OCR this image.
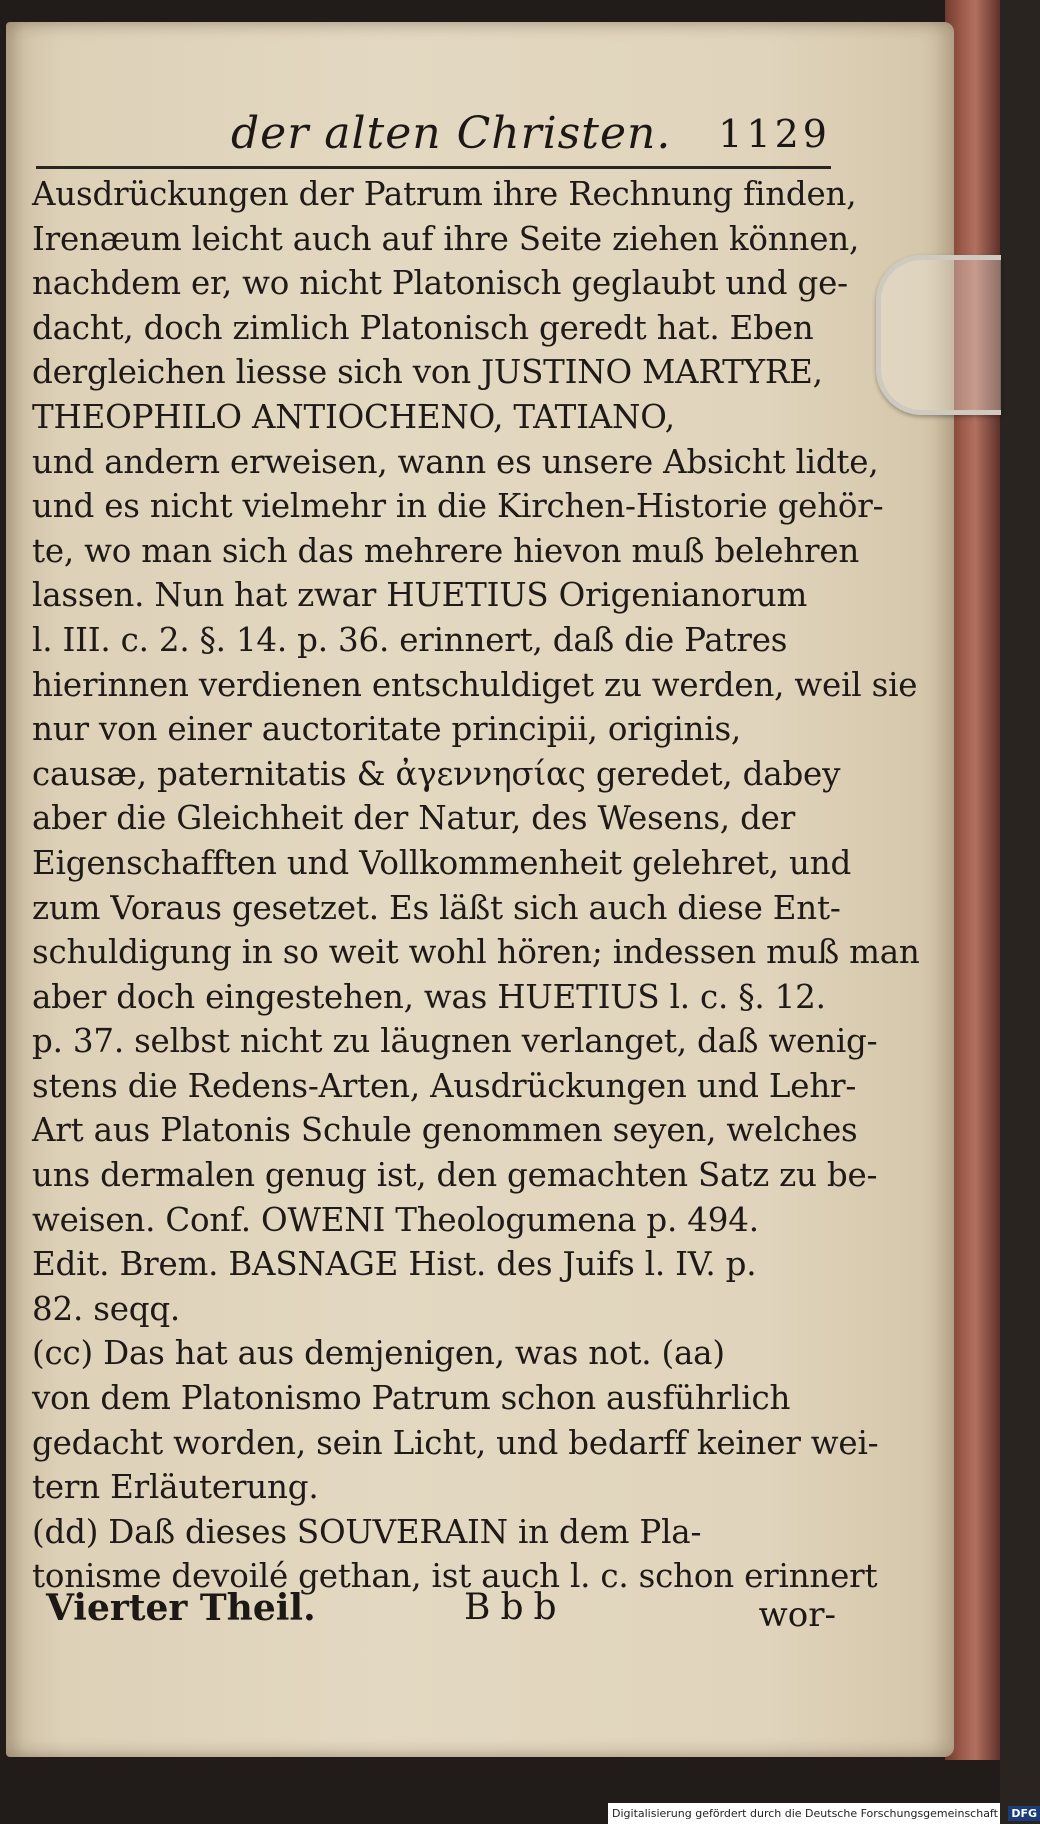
der alten Christen. 1129
Ausdrückungen der Patrum ihre Rechnung finden,
Irenæum leicht auch auf ihre Seite ziehen können,
nachdem er, wo nicht Platonisch geglaubt und ge-
dacht, doch zimlich Platonisch geredt hat. Eben
dergleichen liesse sich von JUSTINO MARTYRE,
THEOPHILO ANTIOCHENO, TATIANO,
und andern erweisen, wann es unsere Absicht lidte,
und es nicht vielmehr in die Kirchen-Historie gehör-
te, wo man sich das mehrere hievon muß belehren
lassen. Nun hat zwar HUETIUS Origenianorum
l. III. c. 2. §. 14. p. 36. erinnert, daß die Patres
hierinnen verdienen entschuldiget zu werden, weil sie
nur von einer auctoritate principii, originis,
causæ, paternitatis & ἀγεννησίας geredet, dabey
aber die Gleichheit der Natur, des Wesens, der
Eigenschafften und Vollkommenheit gelehret, und
zum Voraus gesetzet. Es läßt sich auch diese Ent-
schuldigung in so weit wohl hören; indessen muß man
aber doch eingestehen, was HUETIUS l. c. §. 12.
p. 37. selbst nicht zu läugnen verlanget, daß wenig-
stens die Redens-Arten, Ausdrückungen und Lehr-
Art aus Platonis Schule genommen seyen, welches
uns dermalen genug ist, den gemachten Satz zu be-
weisen. Conf. OWENI Theologumena p. 494.
Edit. Brem. BASNAGE Hist. des Juifs l. IV. p.
82. seqq.
(cc) Das hat aus demjenigen, was not. (aa)
von dem Platonismo Patrum schon ausführlich
gedacht worden, sein Licht, und bedarff keiner wei-
tern Erläuterung.
(dd) Daß dieses SOUVERAIN in dem Pla-
tonisme devoilé gethan, ist auch l. c. schon erinnert
Vierter Theil.	Bbb	wor-
Digitalisierung gefördert durch die Deutsche Forschungsgemeinschaft - DFG
